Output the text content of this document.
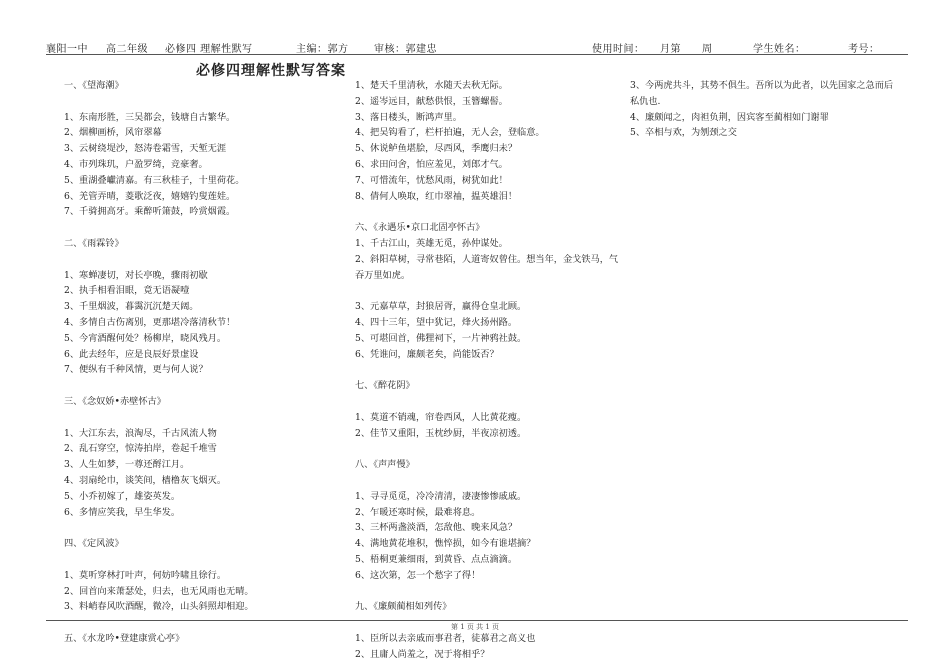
襄阳一中 高二年级 必修四 理解性默写	主编：郭方	审核：郭建忠	使用时间： 月第 周	学生姓名：	考号：
必修四理解性默写答案
一、《望海潮》
1、东南形胜，三吴都会，钱塘自古繁华。
2、烟柳画桥，风帘翠幕
3、云树绕堤沙，怒涛卷霜雪，天堑无涯
4、市列珠玑，户盈罗绮，竞豪奢。
5、重湖叠巘清嘉。有三秋桂子，十里荷花。
6、羌管弄晴，菱歌泛夜，嬉嬉钓叟莲娃。
7、千骑拥高牙。乘醉听箫鼓，吟赏烟霞。
二、《雨霖铃》
1、寒蝉凄切，对长亭晚，骤雨初歇
2、执手相看泪眼，竟无语凝噎
3、千里烟波，暮霭沉沉楚天阔。
4、多情自古伤离别，更那堪冷落清秋节！
5、今宵酒醒何处？杨柳岸，晓风残月。
6、此去经年，应是良辰好景虚设
7、便纵有千种风情，更与何人说？
三、《念奴娇•赤壁怀古》
1、大江东去，浪淘尽，千古风流人物
2、乱石穿空，惊涛拍岸，卷起千堆雪
3、人生如梦，一尊还酹江月。
4、羽扇纶巾，谈笑间，樯橹灰飞烟灭。
5、小乔初嫁了，雄姿英发。
6、多情应笑我，早生华发。
四、《定风波》
1、莫听穿林打叶声，何妨吟啸且徐行。
2、回首向来萧瑟处，归去，也无风雨也无晴。
3、料峭春风吹酒醒，微冷，山头斜照却相迎。
五、《水龙吟•登建康赏心亭》
1、楚天千里清秋，水随天去秋无际。
2、遥岑远目，献愁供恨，玉簪螺髻。
3、落日楼头，断鸿声里。
4、把吴钩看了，栏杆拍遍，无人会，登临意。
5、休说鲈鱼堪脍，尽西风，季鹰归未？
6、求田问舍，怕应羞见，刘郎才气。
7、可惜流年，忧愁风雨，树犹如此！
8、倩何人唤取，红巾翠袖，揾英雄泪！
六、《永遇乐•京口北固亭怀古》
1、千古江山，英雄无觅，孙仲谋处。
2、斜阳草树，寻常巷陌，人道寄奴曾住。想当年，金戈铁马，气
吞万里如虎。
3、元嘉草草，封狼居胥，赢得仓皇北顾。
4、四十三年，望中犹记，烽火扬州路。
5、可堪回首，佛狸祠下，一片神鸦社鼓。
6、凭谁问，廉颇老矣，尚能饭否？
七、《醉花阴》
1、莫道不销魂，帘卷西风，人比黄花瘦。
2、佳节又重阳，玉枕纱厨，半夜凉初透。
八、《声声慢》
1、寻寻觅觅，冷冷清清，凄凄惨惨戚戚。
2、乍暖还寒时候，最难将息。
3、三杯两盏淡酒，怎敌他、晚来风急？
4、满地黄花堆积，憔悴损，如今有谁堪摘？
5、梧桐更兼细雨，到黄昏、点点滴滴。
6、这次第，怎一个愁字了得！
九、《廉颇蔺相如列传》
1、臣所以去亲戚而事君者，徒慕君之高义也
2、且庸人尚羞之，况于将相乎？
3、今两虎共斗，其势不俱生。吾所以为此者，以先国家之急而后
私仇也.
4、廉颇闻之，肉袒负荆，因宾客至蔺相如门谢罪
5、卒相与欢，为刎颈之交
第 1 页 共 1 页
